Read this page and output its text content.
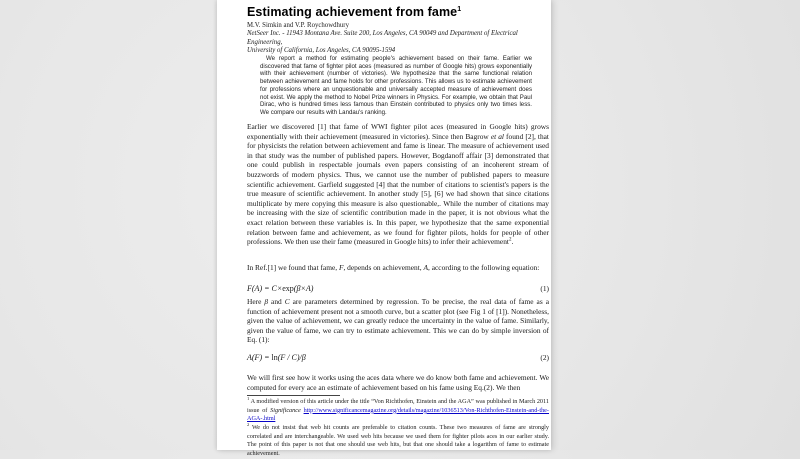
Estimating achievement from fame$^1$
M.V. Simkin and V.P. Roychowdhury
NetSeer Inc. - 11943 Montana Ave. Suite 200, Los Angeles, CA 90049 and Department of Electrical Engineering,
University of California, Los Angeles, CA 90095-1594
We report a method for estimating people's achievement based on their fame. Earlier we discovered that fame of fighter pilot aces (measured as number of Google hits) grows exponentially with their achievement (number of victories). We hypothesize that the same functional relation between achievement and fame holds for other professions. This allows us to estimate achievement for professions where an unquestionable and universally accepted measure of achievement does not exist. We apply the method to Nobel Prize winners in Physics. For example, we obtain that Paul Dirac, who is hundred times less famous than Einstein contributed to physics only two times less. We compare our results with Landau's ranking.
Earlier we discovered [1] that fame of WWI fighter pilot aces (measured in Google hits) grows exponentially with their achievement (measured in victories). Since then Bagrow et al found [2], that for physicists the relation between achievement and fame is linear. The measure of achievement used in that study was the number of published papers. However, Bogdanoff affair [3] demonstrated that one could publish in respectable journals even papers consisting of an incoherent stream of buzzwords of modern physics. Thus, we cannot use the number of published papers to measure scientific achievement. Garfield suggested [4] that the number of citations to scientist's papers is the true measure of scientific achievement. In another study [5], [6] we had shown that since citations multiplicate by mere copying this measure is also questionable,. While the number of citations may be increasing with the size of scientific contribution made in the paper, it is not obvious what the exact relation between these variables is. In this paper, we hypothesize that the same exponential relation between fame and achievement, as we found for fighter pilots, holds for people of other professions. We then use their fame (measured in Google hits) to infer their achievement$^2$.
In Ref.[1] we found that fame, F, depends on achievement, A, according to the following equation:
F(A) = C×exp(β×A)	(1)
Here β and C are parameters determined by regression. To be precise, the real data of fame as a function of achievement present not a smooth curve, but a scatter plot (see Fig 1 of [1]). Nonetheless, given the value of achievement, we can greatly reduce the uncertainty in the value of fame. Similarly, given the value of fame, we can try to estimate achievement. This we can do by simple inversion of Eq. (1):
A(F) = ln(F / C)/β	(2)
We will first see how it works using the aces data where we do know both fame and achievement. We computed for every ace an estimate of achievement based on his fame using Eq.(2). We then
$^1$ A modified version of this article under the title “Von Richthofen, Einstein and the AGA” was published in March 2011 issue of Significance http://www.significancemagazine.org/details/magazine/1036513/Von-Richthofen-Einstein-and-the-AGA-.html
$^2$ We do not insist that web hit counts are preferable to citation counts. These two measures of fame are strongly correlated and are interchangeable. We used web hits because we used them for fighter pilots aces in our earlier study. The point of this paper is not that one should use web hits, but that one should take a logarithm of fame to estimate achievement.
